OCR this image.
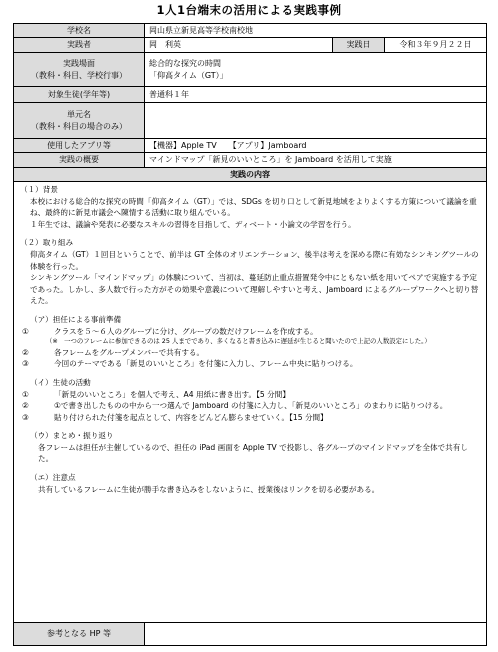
1人1台端末の活用による実践事例
学校名	岡山県立新見高等学校南校地
実践者	岡　利英	実践日	令和３年９月２２日
実践場面
（教科・科目、学校行事）
総合的な探究の時間
「仰高タイム（GT）」
対象生徒(学年等)	普通科１年
単元名
（教科・科目の場合のみ）
使用したアプリ等	【機器】Apple TV　　【アプリ】Jamboard
実践の概要	マインドマップ「新見のいいところ」を Jamboard を活用して実施
実践の内容

（１）背景

本校における総合的な探究の時間「仰高タイム（GT）」では、SDGs を切り口として新見地域をよりよくする方策について議論を重ね、最終的に新見市議会へ陳情する活動に取り組んでいる。

１年生では、議論や発表に必要なスキルの習得を目指して、ディベート・小論文の学習を行う。

（２）取り組み

仰高タイム（GT）１回目ということで、前半は GT 全体のオリエンテーション、後半は考えを深める際に有効なシンキングツールの体験を行った。

シンキングツール「マインドマップ」の体験について、当初は、蔓延防止重点措置発令中にともない紙を用いてペアで実施する予定であった。しかし、多人数で行った方がその効果や意義について理解しやすいと考え、Jamboard によるグループワークへと切り替えた。

（ア）担任による事前準備

①	クラスを５～６人のグループに分け、グループの数だけフレームを作成する。

（※　一つのフレームに参加できるのは 25 人までであり、多くなると書き込みに遅延が生じると聞いたので上記の人数設定にした。）

②	各フレームをグループメンバーで共有する。

③	今回のテーマである「新見のいいところ」を付箋に入力し、フレーム中央に貼りつける。

（イ）生徒の活動

①	「新見のいいところ」を個人で考え、A4 用紙に書き出す。【5 分間】

②	①で書き出したものの中から一つ選んで Jamboard の付箋に入力し、「新見のいいところ」のまわりに貼りつける。

③	貼り付けられた付箋を起点として、内容をどんどん膨らませていく。【15 分間】

（ウ）まとめ・振り返り

各フレームは担任が主催しているので、担任の iPad 画面を Apple TV で投影し、各グループのマインドマップを全体で共有した。

（エ）注意点

共有しているフレームに生徒が勝手な書き込みをしないように、授業後はリンクを切る必要がある。

参考となる HP 等
